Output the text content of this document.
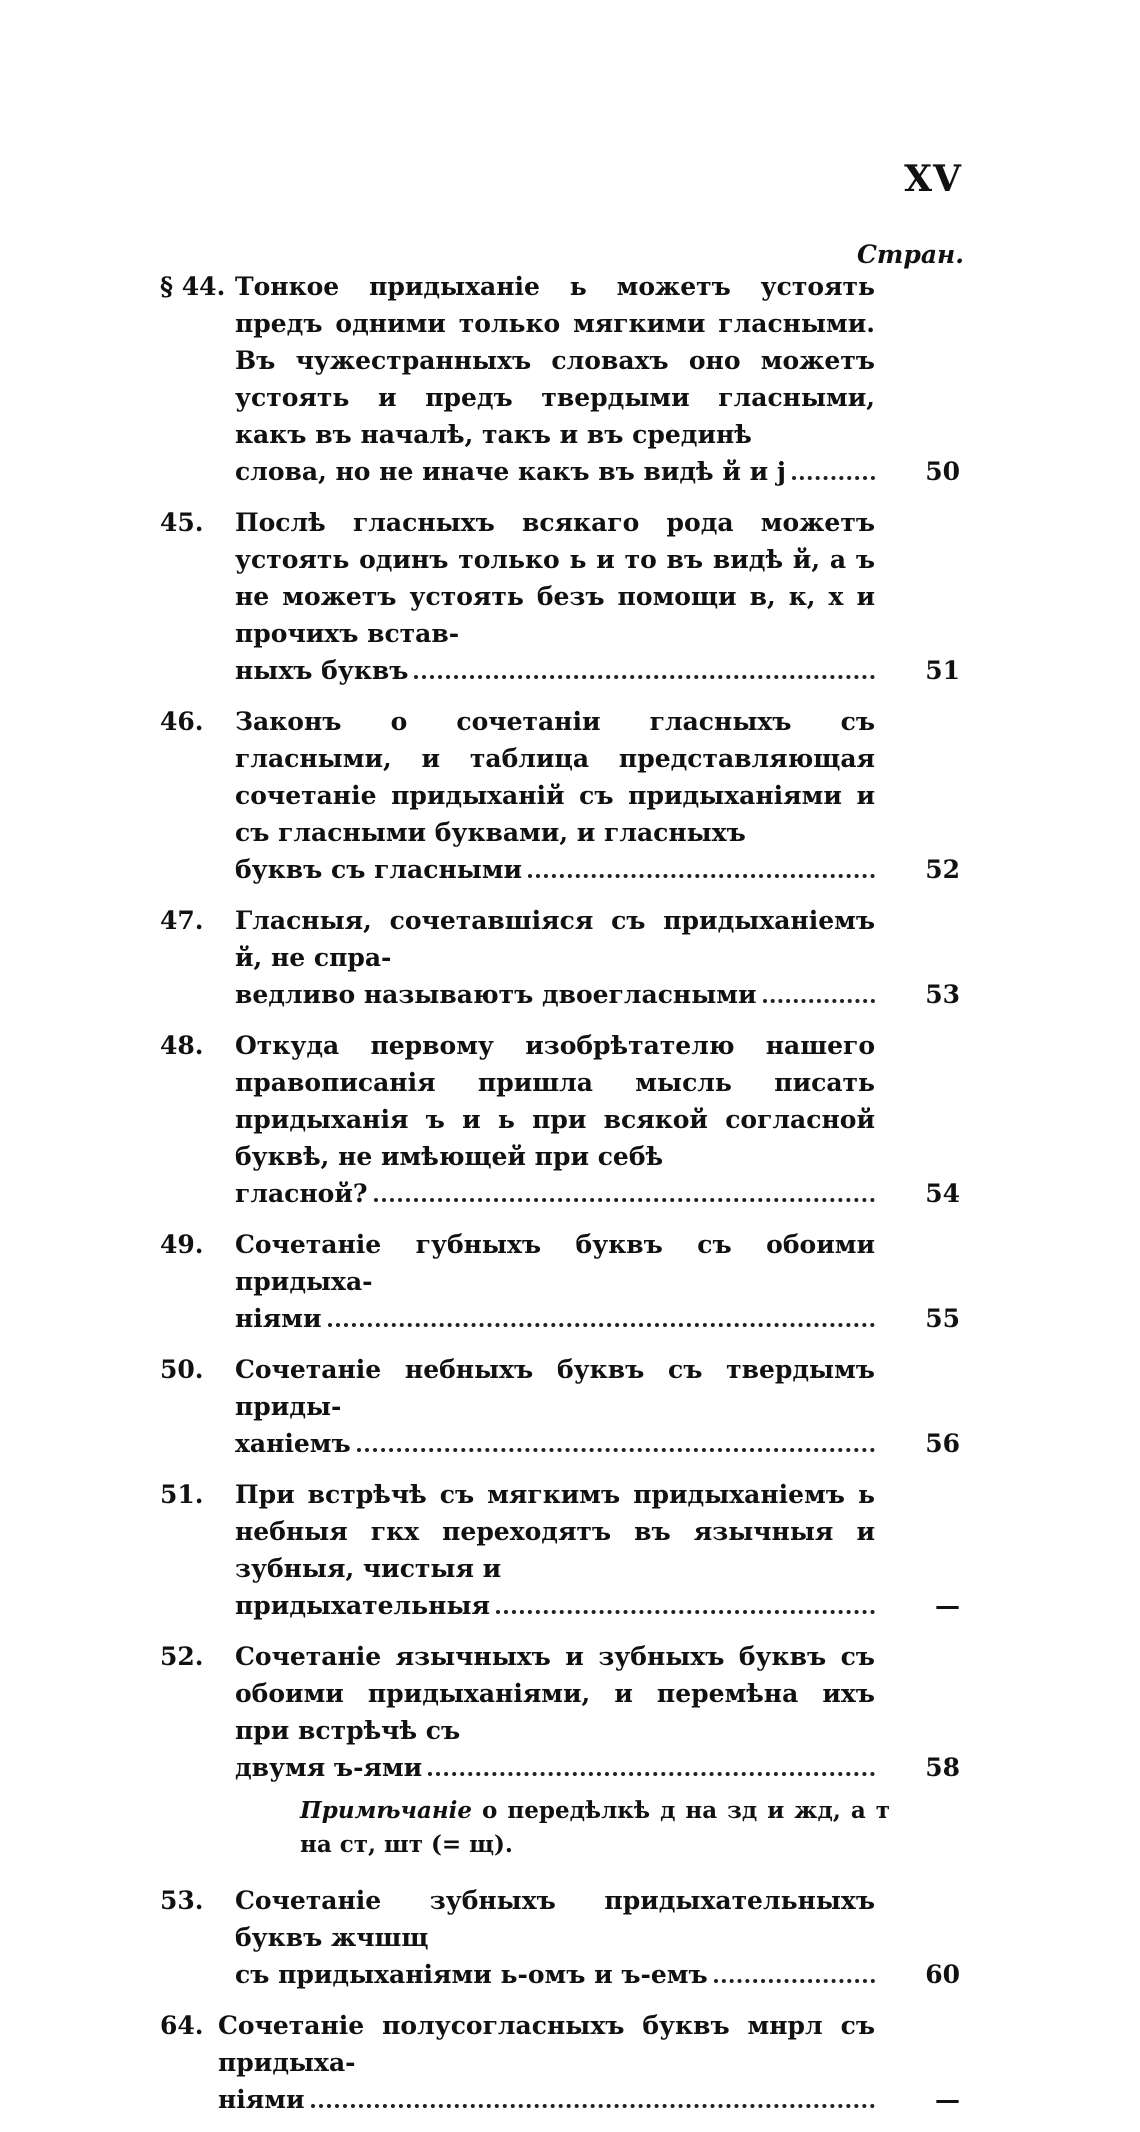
XV
Стран.
§ 44. Тонкое придыханіе ь можетъ устоять предъ одними только мягкими гласными. Въ чужестранныхъ словахъ оно можетъ устоять и предъ твердыми гласными, какъ въ началѣ, такъ и въ срединѣ
слова, но не иначе какъ въ видѣ й и j	50
45.	Послѣ гласныхъ всякаго рода можетъ устоять одинъ только ь и то въ видѣ й, а ъ не можетъ устоять безъ помощи в, к, х и прочихъ встав-
ныхъ буквъ	51
46.	Законъ о сочетаніи гласныхъ съ гласными, и таблица представляющая сочетаніе придыханій съ придыханіями и съ гласными буквами, и гласныхъ
буквъ съ гласными	52
47.	Гласныя, сочетавшіяся съ придыханіемъ й, не спра-
ведливо называютъ двоегласными	53
48.	Откуда первому изобрѣтателю нашего правописанія пришла мысль писать придыханія ъ и ь при всякой согласной буквѣ, не имѣющей при себѣ
гласной?	54
49.	Сочетаніе губныхъ буквъ съ обоими придыха-
ніями	55
50.	Сочетаніе небныхъ буквъ съ твердымъ приды-
ханіемъ	56
51.	При встрѣчѣ съ мягкимъ придыханіемъ ь небныя гкх переходятъ въ язычныя и зубныя, чистыя и
придыхательныя	—
52.	Сочетаніе язычныхъ и зубныхъ буквъ съ обоими придыханіями, и перемѣна ихъ при встрѣчѣ съ
двумя ъ-ями	58
Примѣчаніе о передѣлкѣ д на зд и жд, а т на ст, шт (= щ).
53.	Сочетаніе зубныхъ придыхательныхъ буквъ жчшщ
съ придыханіями ь-омъ и ъ-емъ	60
64. Сочетаніе полусогласныхъ буквъ мнрл съ придыха-
ніями	—
